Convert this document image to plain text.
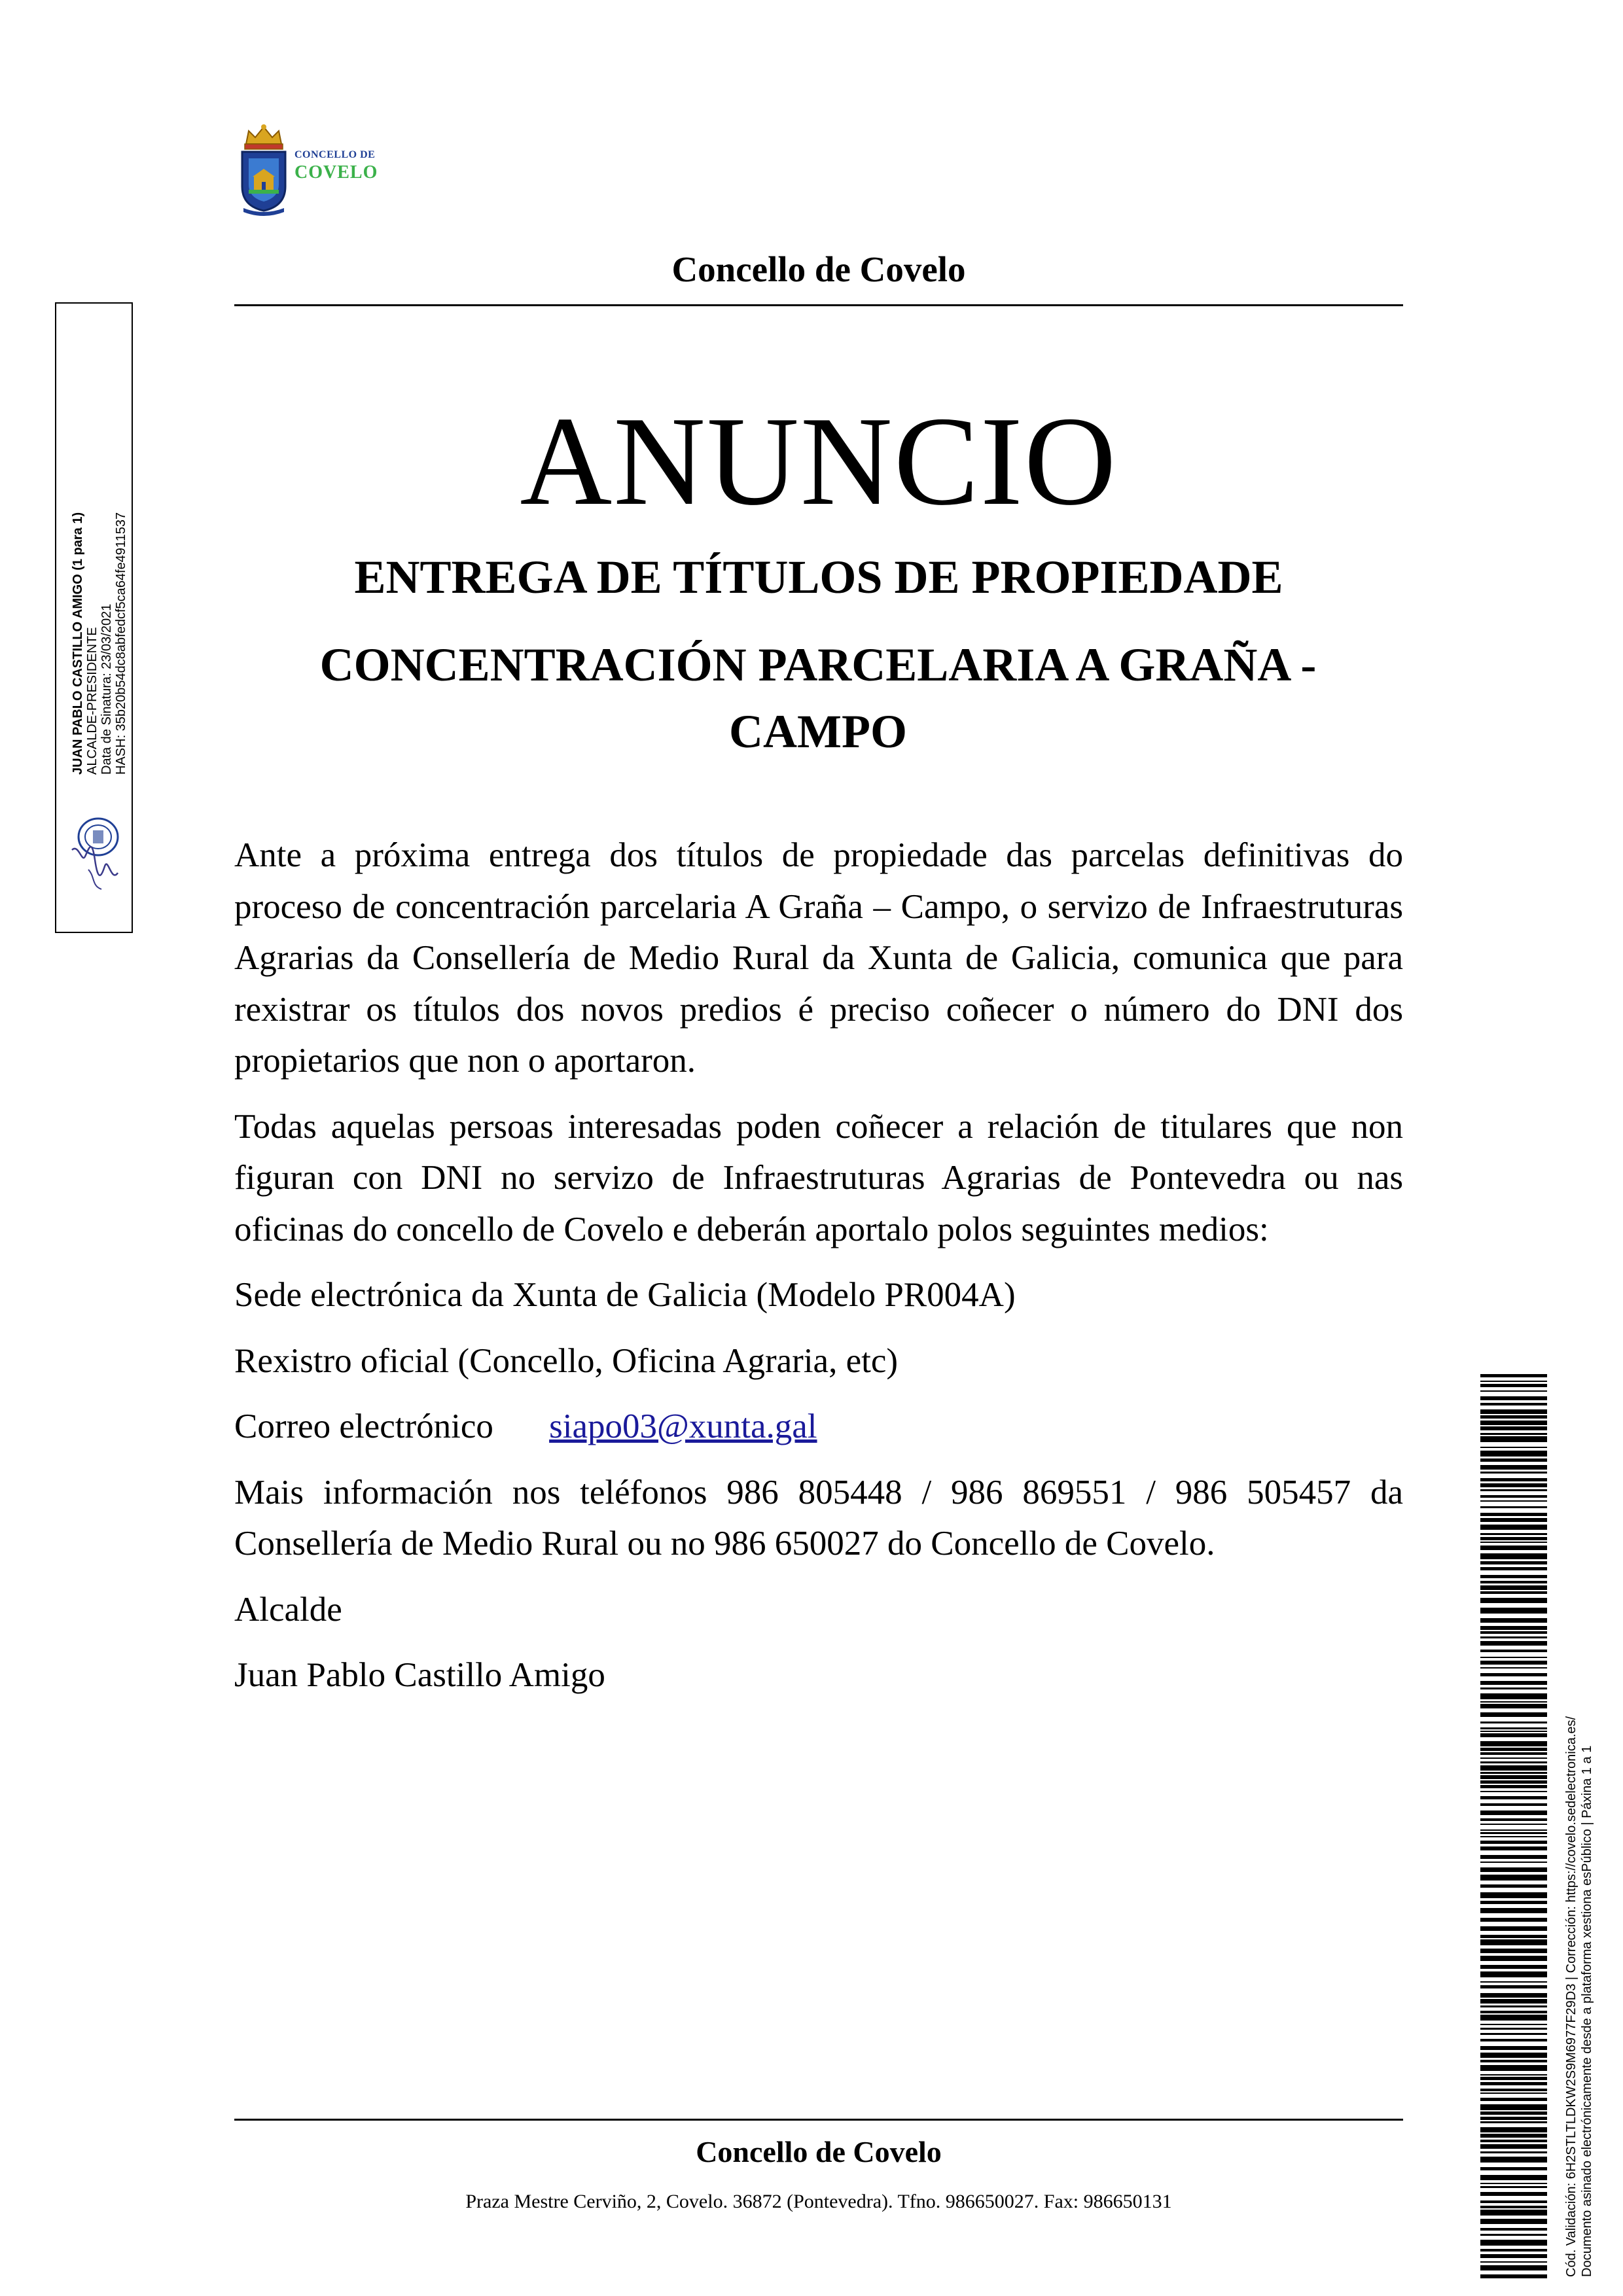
CONCELLO DE
COVELO
Concello de Covelo
JUAN PABLO CASTILLO AMIGO (1 para 1) ALCALDE-PRESIDENTE Data de Sinatura: 23/03/2021 HASH: 35b20b54dc8abfedcf5ca64fe4911537
ANUNCIO
ENTREGA DE TÍTULOS DE PROPIEDADE
CONCENTRACIÓN PARCELARIA A GRAÑA -
CAMPO

Ante a próxima entrega dos títulos de propiedade das parcelas definitivas do proceso de concentración parcelaria A Graña – Campo, o servizo de Infraestruturas Agrarias da Consellería de Medio Rural da Xunta de Galicia, comunica que para rexistrar os títulos dos novos predios é preciso coñecer o número do DNI dos propietarios que non o aportaron.

Todas aquelas persoas interesadas poden coñecer a relación de titulares que non figuran con DNI no servizo de Infraestruturas Agrarias de Pontevedra ou nas oficinas do concello de Covelo e deberán aportalo polos seguintes medios:

Sede electrónica da Xunta de Galicia (Modelo PR004A)

Rexistro oficial (Concello, Oficina Agraria, etc)

Correo electrónico siapo03@xunta.gal

Mais información nos teléfonos 986 805448 / 986 869551 / 986 505457 da Consellería de Medio Rural ou no 986 650027 do Concello de Covelo.

Alcalde

Juan Pablo Castillo Amigo

Concello de Covelo
Praza Mestre Cerviño, 2, Covelo. 36872 (Pontevedra). Tfno. 986650027. Fax: 986650131	Cód. Validación: 6H2STLTLDKW2S9M6977F29D3 | Corrección: https://covelo.sedelectronica.es/ Documento asinado electrónicamente desde a plataforma xestiona esPúblico | Páxina 1 a 1
